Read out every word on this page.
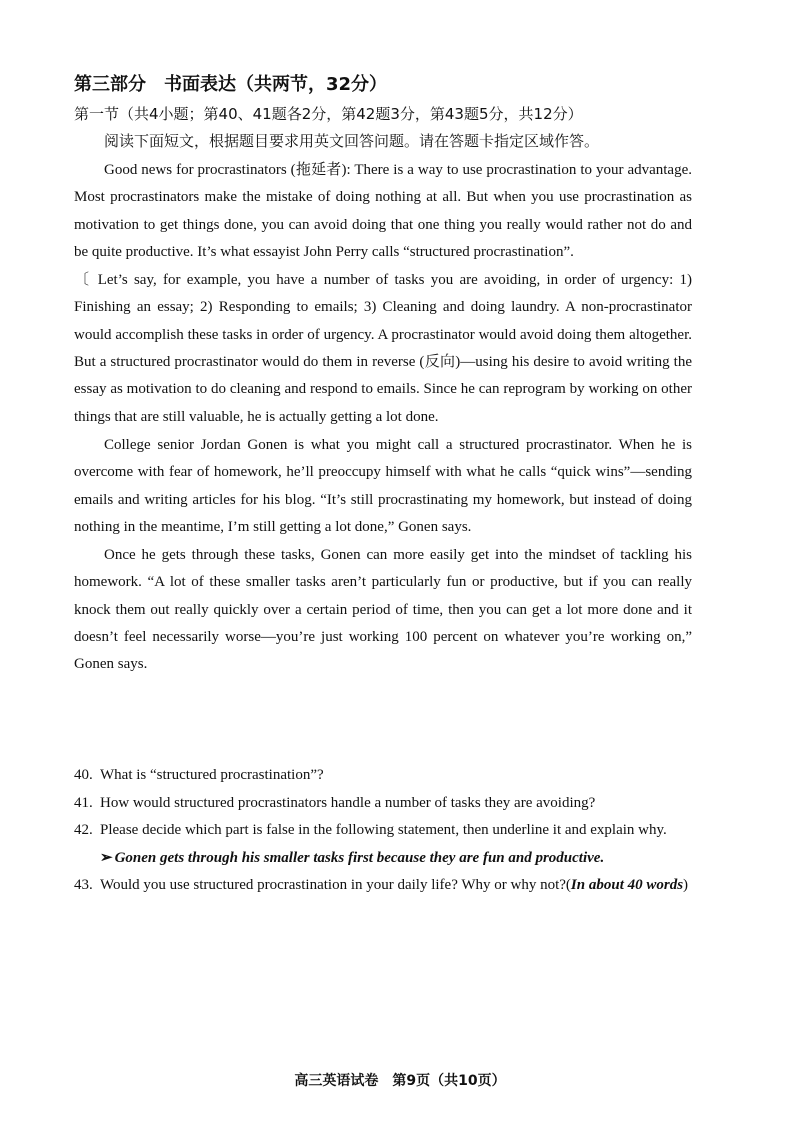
第三部分　书面表达（共两节，32分）
第一节（共4小题；第40、41题各2分，第42题3分，第43题5分，共12分）
阅读下面短文，根据题目要求用英文回答问题。请在答题卡指定区域作答。

Good news for procrastinators (拖延者): There is a way to use procrastination to your advantage. Most procrastinators make the mistake of doing nothing at all. But when you use procrastination as motivation to get things done, you can avoid doing that one thing you really would rather not do and be quite productive. It’s what essayist John Perry calls “structured procrastination”.

〔 Let’s say, for example, you have a number of tasks you are avoiding, in order of urgency: 1) Finishing an essay; 2) Responding to emails; 3) Cleaning and doing laundry. A non-procrastinator would accomplish these tasks in order of urgency. A procrastinator would avoid doing them altogether. But a structured procrastinator would do them in reverse (反向)—using his desire to avoid writing the essay as motivation to do cleaning and respond to emails. Since he can reprogram by working on other things that are still valuable, he is actually getting a lot done.

College senior Jordan Gonen is what you might call a structured procrastinator. When he is overcome with fear of homework, he’ll preoccupy himself with what he calls “quick wins”—sending emails and writing articles for his blog. “It’s still procrastinating my homework, but instead of doing nothing in the meantime, I’m still getting a lot done,” Gonen says.

Once he gets through these tasks, Gonen can more easily get into the mindset of tackling his homework. “A lot of these smaller tasks aren’t particularly fun or productive, but if you can really knock them out really quickly over a certain period of time, then you can get a lot more done and it doesn’t feel necessarily worse—you’re just working 100 percent on whatever you’re working on,” Gonen says.

40. What is “structured procrastination”?
41. How would structured procrastinators handle a number of tasks they are avoiding?
42. Please decide which part is false in the following statement, then underline it and explain why.
➢ Gonen gets through his smaller tasks first because they are fun and productive.
43. Would you use structured procrastination in your daily life? Why or why not?(In about 40 words)
高三英语试卷　第9页（共10页）
